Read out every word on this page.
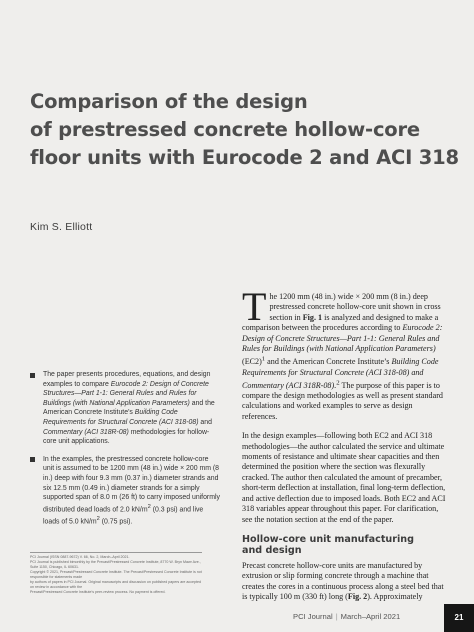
Comparison of the design
of prestressed concrete hollow-core
floor units with Eurocode 2 and ACI 318
Kim S. Elliott

The paper presents procedures, equations, and design examples to compare Eurocode 2: Design of Concrete Structures—Part 1-1: General Rules and Rules for Buildings (with National Application Parameters) and the American Concrete Institute’s Building Code Requirements for Structural Concrete (ACI 318-08) and Commentary (ACI 318R-08) methodologies for hollow-core unit applications.

In the examples, the prestressed concrete hollow-core unit is assumed to be 1200 mm (48 in.) wide × 200 mm (8 in.) deep with four 9.3 mm (0.37 in.) diameter strands and six 12.5 mm (0.49 in.) diameter strands for a simply supported span of 8.0 m (26 ft) to carry imposed uniformly distributed dead loads of 2.0 $kN/m^2$ (0.3 psi) and live loads of 5.0 $kN/m^2$ (0.75 psi).

PCI Journal (ISSN 0887-9672) V. 66, No. 2, March–April 2021.

PCI Journal is published bimonthly by the Precast/Prestressed Concrete Institute, 8770 W. Bryn Mawr Ave., Suite 1150, Chicago, IL 60631.

Copyright © 2021, Precast/Prestressed Concrete Institute. The Precast/Prestressed Concrete Institute is not responsible for statements made

by authors of papers in PCI Journal. Original manuscripts and discussion on published papers are accepted on review in accordance with the

Precast/Prestressed Concrete Institute’s peer-review process. No payment is offered.

The 1200 mm (48 in.) wide × 200 mm (8 in.) deep prestressed concrete hollow-core unit shown in cross section in Fig. 1 is analyzed and designed to make a comparison between the procedures according to Eurocode 2: Design of Concrete Structures—Part 1-1: General Rules and Rules for Buildings (with National Application Parameters) $(EC2)^1$ and the American Concrete Institute’s Building Code Requirements for Structural Concrete (ACI 318-08) and Commentary (ACI 318R-08).$^2$ The purpose of this paper is to compare the design methodologies as well as present standard calculations and worked examples to serve as design references.

In the design examples—following both EC2 and ACI 318 methodologies—the author calculated the service and ultimate moments of resistance and ultimate shear capacities and then determined the position where the section was flexurally cracked. The author then calculated the amount of precamber, short-term deflection at installation, final long-term deflection, and active deflection due to imposed loads. Both EC2 and ACI 318 variables appear throughout this paper. For clarification, see the notation section at the end of the paper.

Hollow-core unit manufacturing
and design

Precast concrete hollow-core units are manufactured by extrusion or slip forming concrete through a machine that creates the cores in a continuous process along a steel bed that is typically 100 m (330 ft) long (Fig. 2). Approximately

PCI Journal | March–April 2021	21
